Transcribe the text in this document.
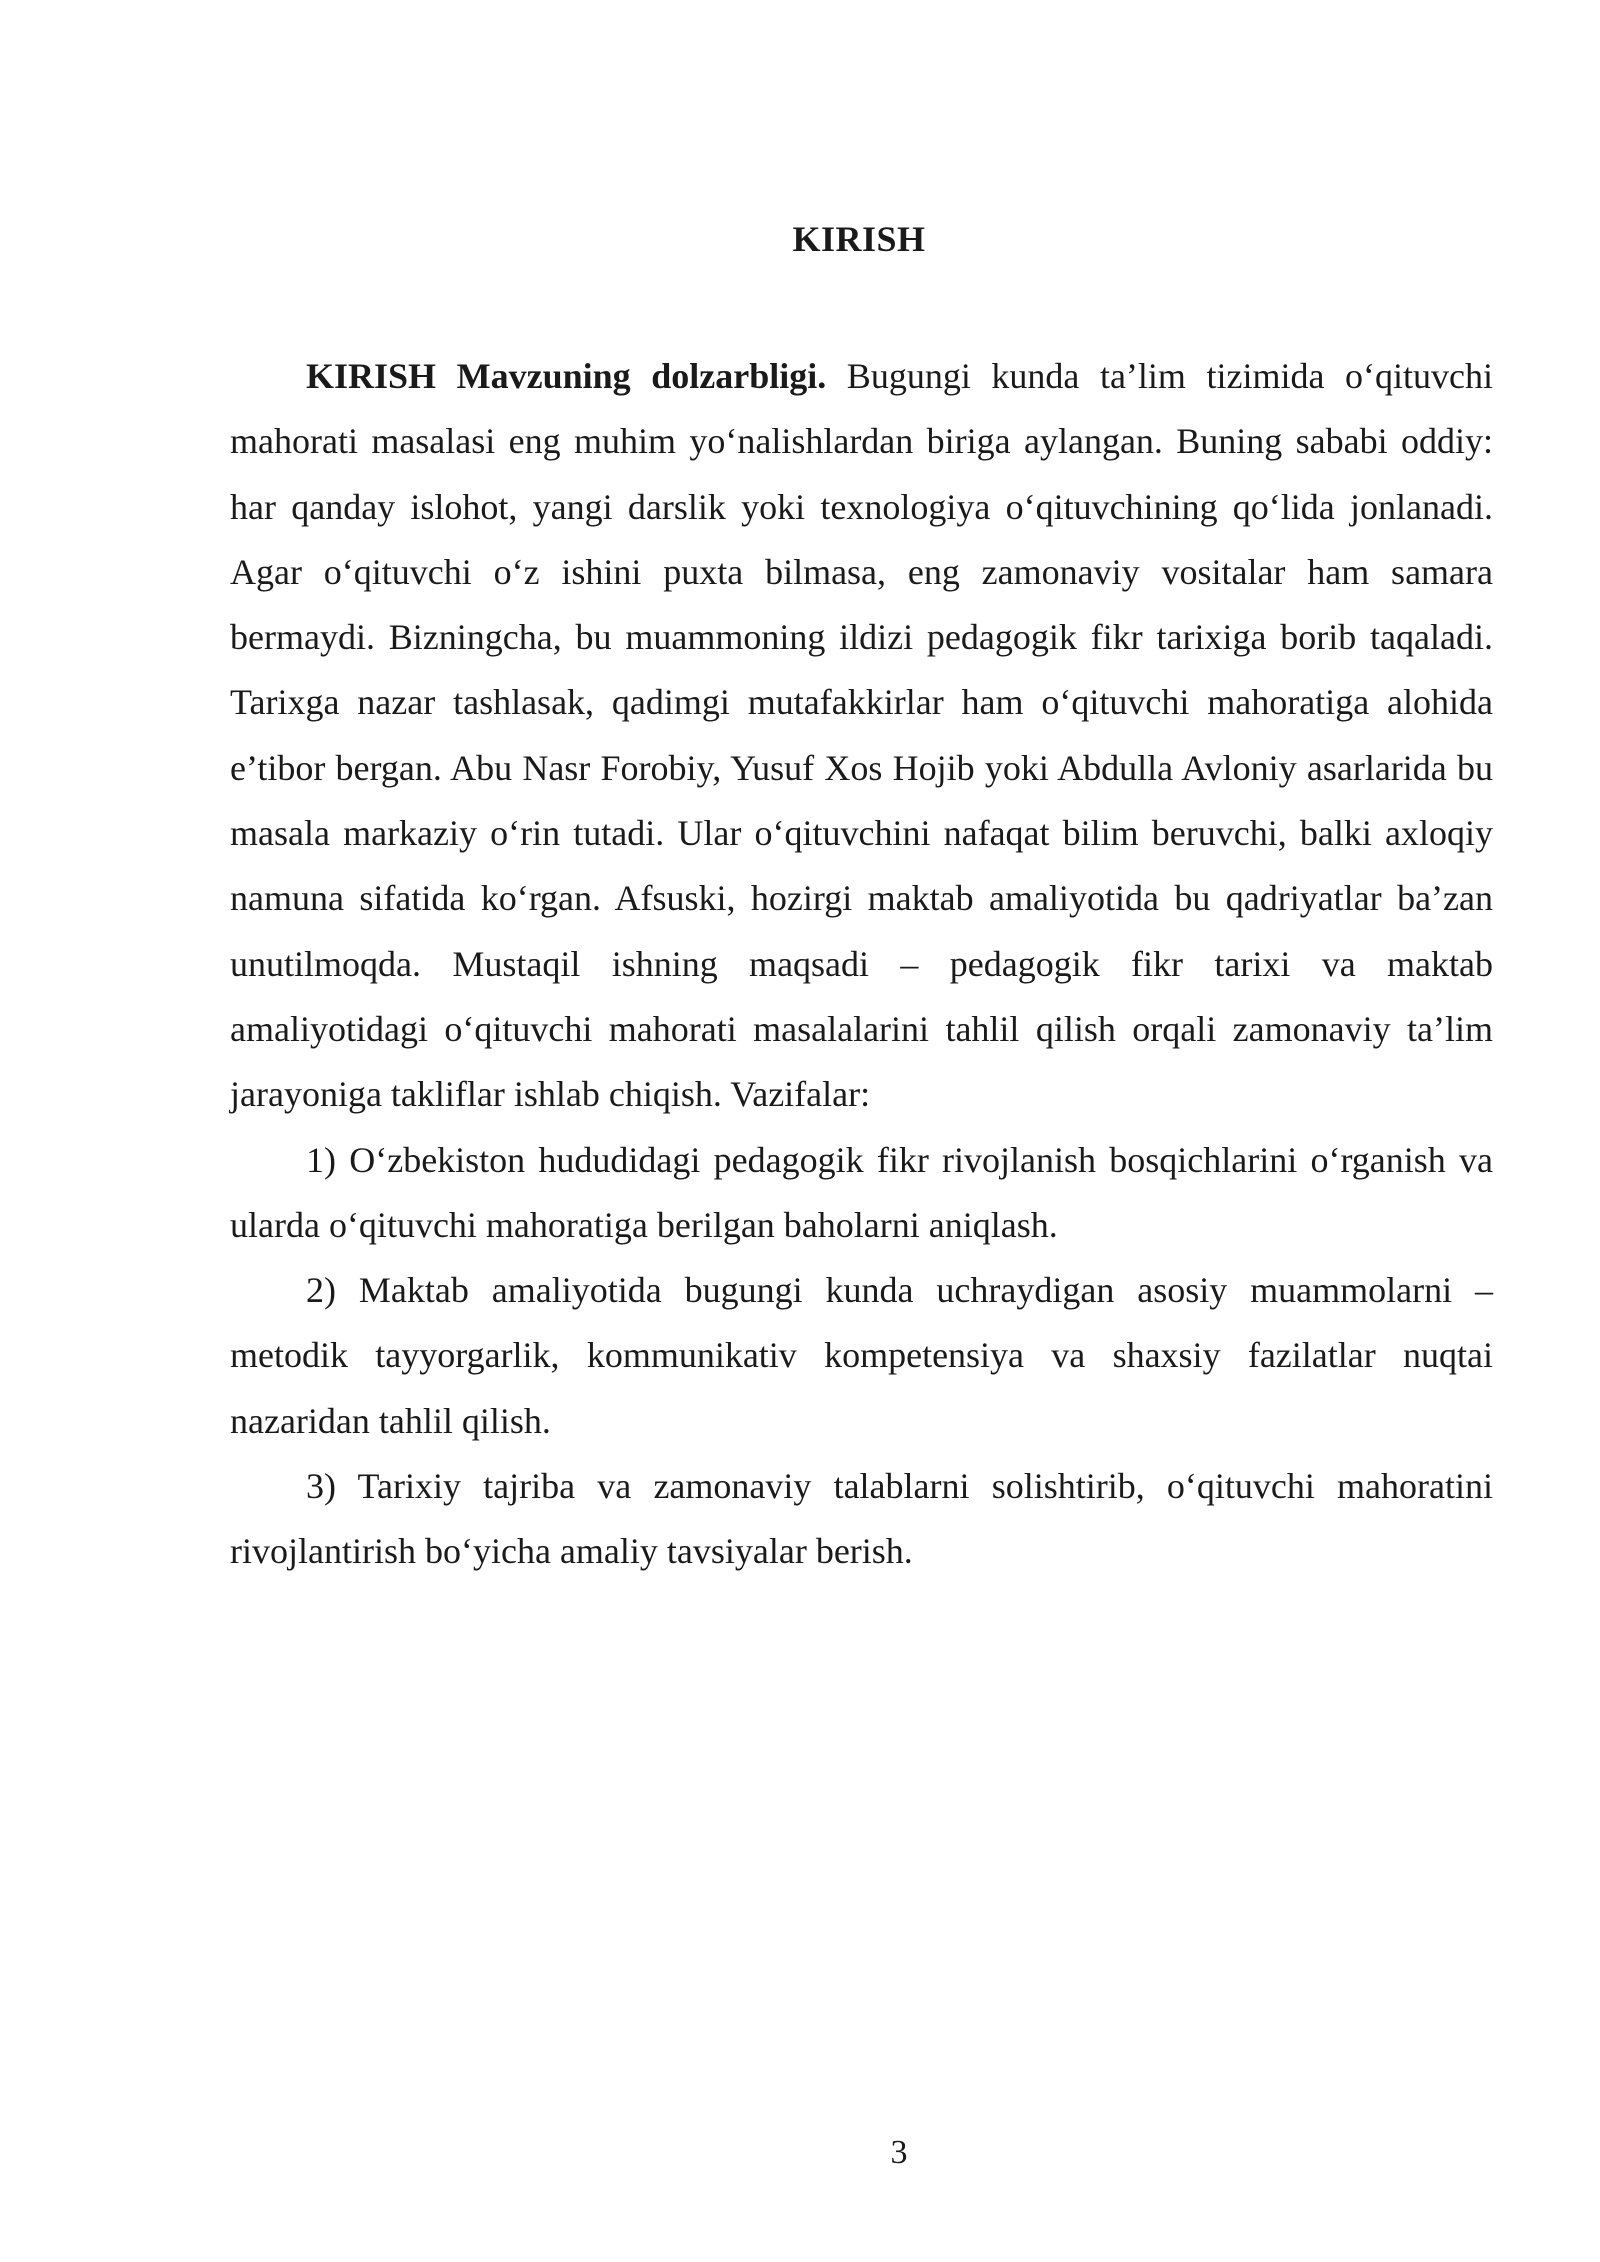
KIRISH

KIRISH Mavzuning dolzarbligi. Bugungi kunda ta’lim tizimida o‘qituvchi mahorati masalasi eng muhim yo‘nalishlardan biriga aylangan. Buning sababi oddiy: har qanday islohot, yangi darslik yoki texnologiya o‘qituvchining qo‘lida jonlanadi. Agar o‘qituvchi o‘z ishini puxta bilmasa, eng zamonaviy vositalar ham samara bermaydi. Bizningcha, bu muammoning ildizi pedagogik fikr tarixiga borib taqaladi. Tarixga nazar tashlasak, qadimgi mutafakkirlar ham o‘qituvchi mahoratiga alohida e’tibor bergan. Abu Nasr Forobiy, Yusuf Xos Hojib yoki Abdulla Avloniy asarlarida bu masala markaziy o‘rin tutadi. Ular o‘qituvchini nafaqat bilim beruvchi, balki axloqiy namuna sifatida ko‘rgan. Afsuski, hozirgi maktab amaliyotida bu qadriyatlar ba’zan unutilmoqda. Mustaqil ishning maqsadi – pedagogik fikr tarixi va maktab amaliyotidagi o‘qituvchi mahorati masalalarini tahlil qilish orqali zamonaviy ta’lim jarayoniga takliflar ishlab chiqish. Vazifalar:

1) O‘zbekiston hududidagi pedagogik fikr rivojlanish bosqichlarini o‘rganish va ularda o‘qituvchi mahoratiga berilgan baholarni aniqlash.

2) Maktab amaliyotida bugungi kunda uchraydigan asosiy muammolarni – metodik tayyorgarlik, kommunikativ kompetensiya va shaxsiy fazilatlar nuqtai nazaridan tahlil qilish.

3) Tarixiy tajriba va zamonaviy talablarni solishtirib, o‘qituvchi mahoratini rivojlantirish bo‘yicha amaliy tavsiyalar berish.

3
